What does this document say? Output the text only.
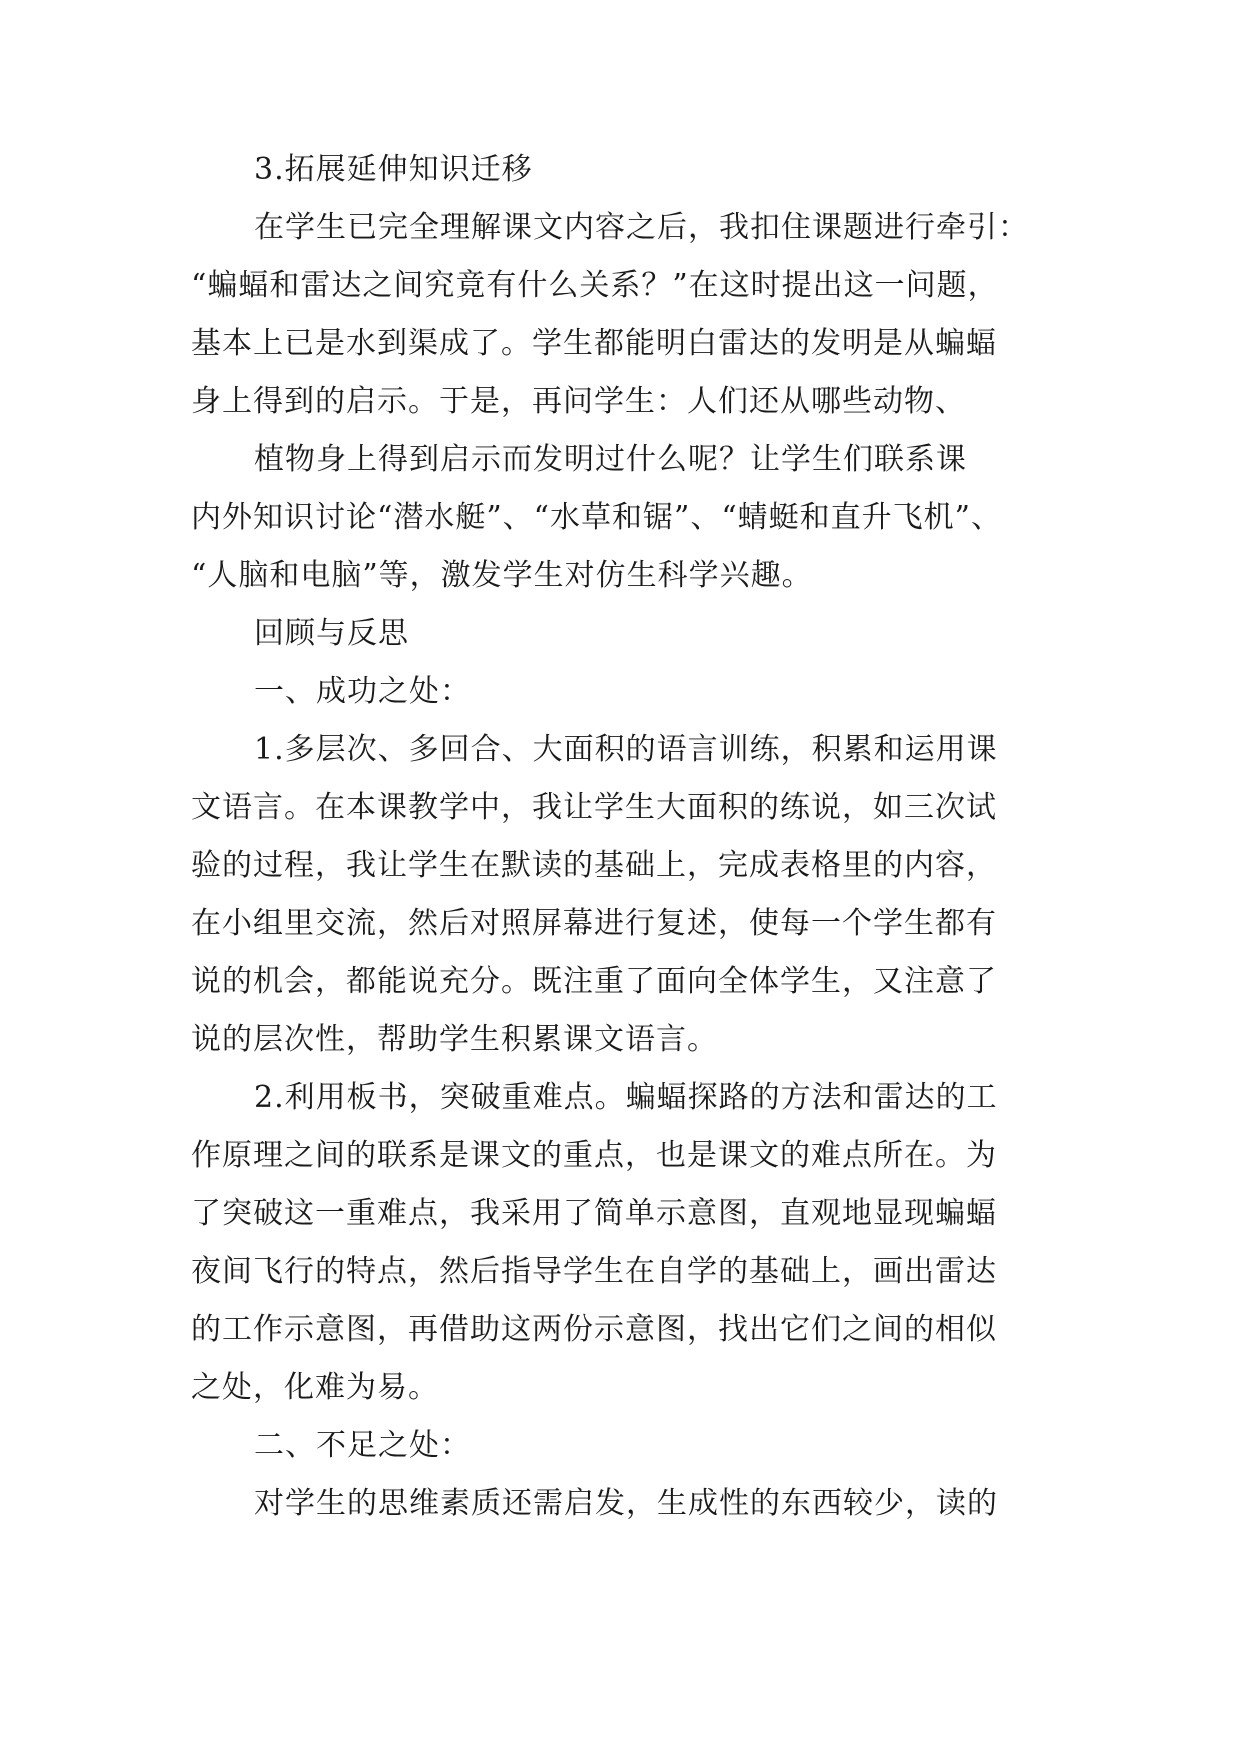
3.拓展延伸知识迁移
在学生已完全理解课文内容之后，我扣住课题进行牵引：
“蝙蝠和雷达之间究竟有什么关系？”在这时提出这一问题，
基本上已是水到渠成了。学生都能明白雷达的发明是从蝙蝠
身上得到的启示。于是，再问学生：人们还从哪些动物、
植物身上得到启示而发明过什么呢？让学生们联系课
内外知识讨论“潜水艇”、“水草和锯”、“蜻蜓和直升飞机”、
“人脑和电脑”等，激发学生对仿生科学兴趣。
回顾与反思
一、成功之处：
1.多层次、多回合、大面积的语言训练，积累和运用课
文语言。在本课教学中，我让学生大面积的练说，如三次试
验的过程，我让学生在默读的基础上，完成表格里的内容，
在小组里交流，然后对照屏幕进行复述，使每一个学生都有
说的机会，都能说充分。既注重了面向全体学生，又注意了
说的层次性，帮助学生积累课文语言。
2.利用板书，突破重难点。蝙蝠探路的方法和雷达的工
作原理之间的联系是课文的重点，也是课文的难点所在。为
了突破这一重难点，我采用了简单示意图，直观地显现蝙蝠
夜间飞行的特点，然后指导学生在自学的基础上，画出雷达
的工作示意图，再借助这两份示意图，找出它们之间的相似
之处，化难为易。
二、不足之处：
对学生的思维素质还需启发，生成性的东西较少，读的
